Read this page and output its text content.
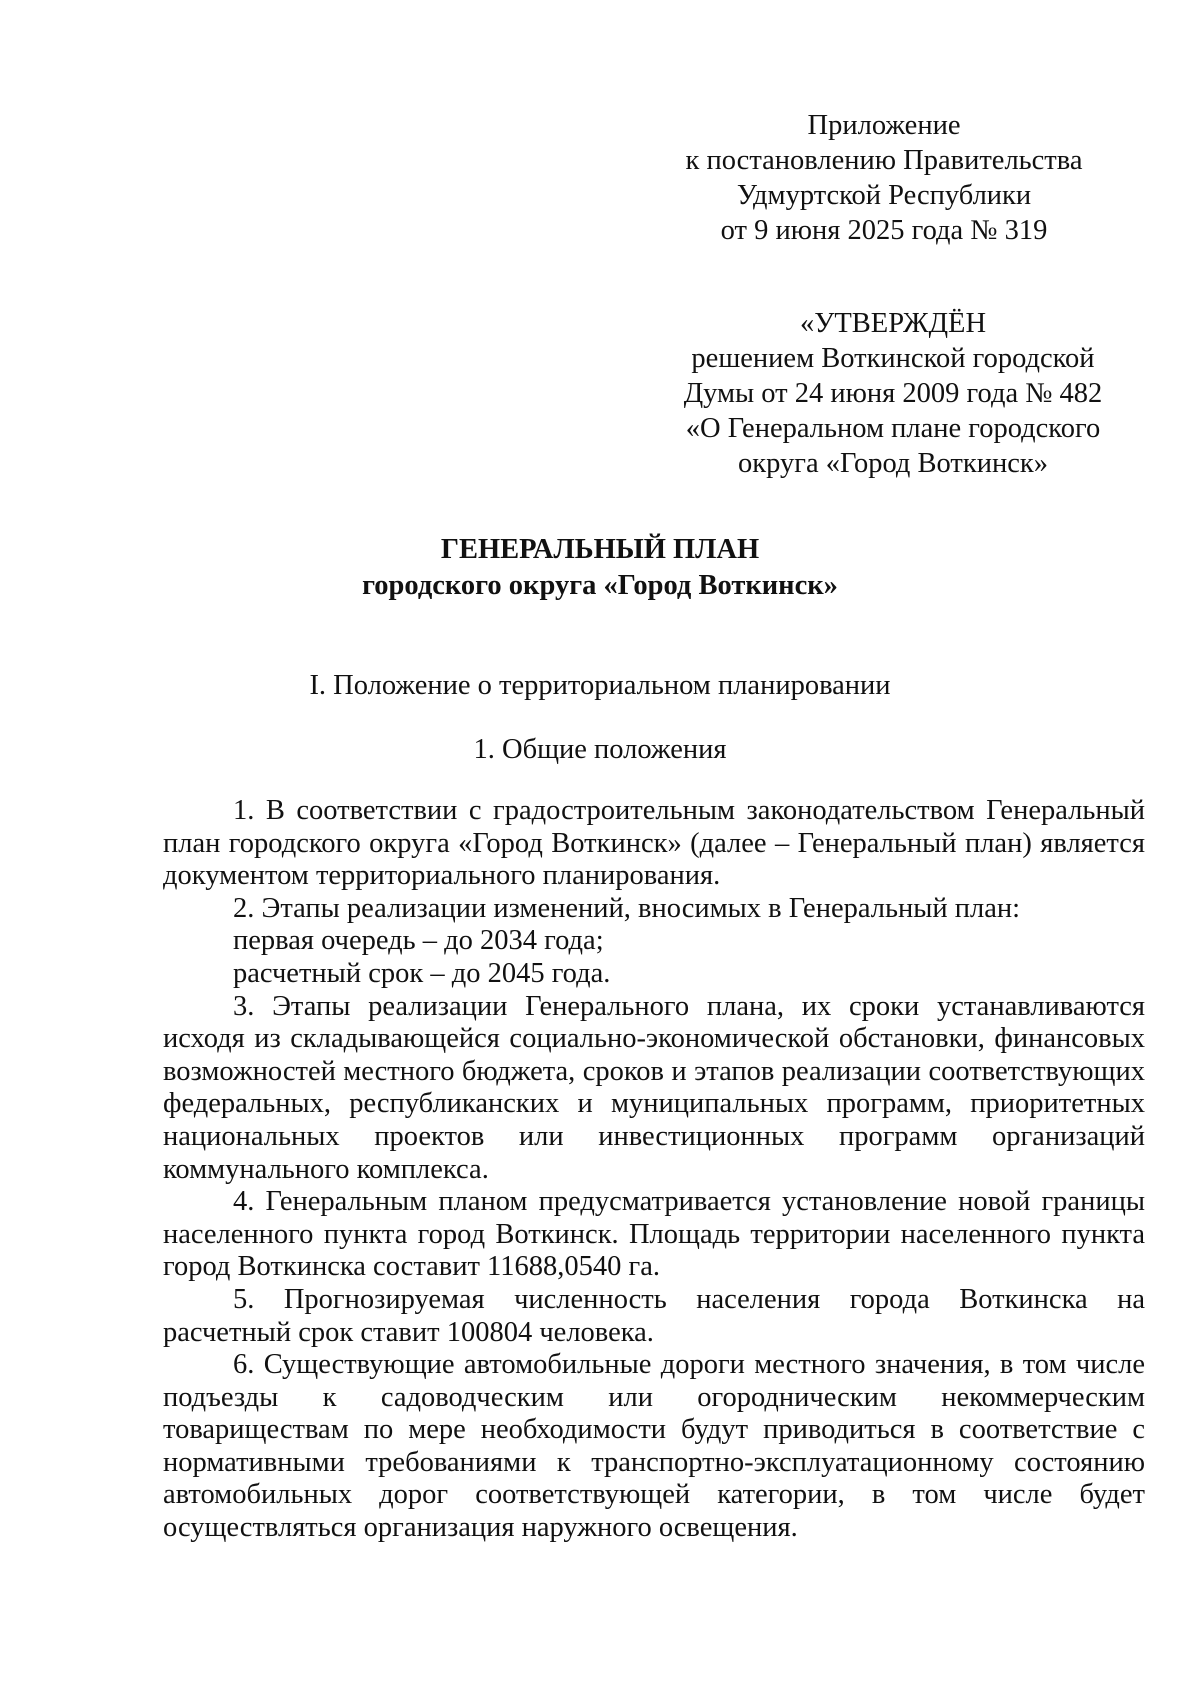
Приложение
к постановлению Правительства
Удмуртской Республики
от 9 июня 2025 года № 319
«УТВЕРЖДЁН
решением Воткинской городской
Думы от 24 июня 2009 года № 482
«О Генеральном плане городского
округа «Город Воткинск»
ГЕНЕРАЛЬНЫЙ ПЛАН
городского округа «Город Воткинск»
I. Положение о территориальном планировании
1. Общие положения

1. В соответствии с градостроительным законодательством Генеральный план городского округа «Город Воткинск» (далее – Генеральный план) является документом территориального планирования.

2. Этапы реализации изменений, вносимых в Генеральный план:

первая очередь – до 2034 года;

расчетный срок – до 2045 года.

3. Этапы реализации Генерального плана, их сроки устанавливаются исходя из складывающейся социально-экономической обстановки, финансовых возможностей местного бюджета, сроков и этапов реализации соответствующих федеральных, республиканских и муниципальных программ, приоритетных национальных проектов или инвестиционных программ организаций коммунального комплекса.

4. Генеральным планом предусматривается установление новой границы населенного пункта город Воткинск. Площадь территории населенного пункта город Воткинска составит 11688,0540 га.

5. Прогнозируемая численность населения города Воткинска на расчетный срок ставит 100804 человека.

6. Существующие автомобильные дороги местного значения, в том числе подъезды к садоводческим или огородническим некоммерческим товариществам по мере необходимости будут приводиться в соответствие с нормативными требованиями к транспортно-эксплуатационному состоянию автомобильных дорог соответствующей категории, в том числе будет осуществляться организация наружного освещения.
